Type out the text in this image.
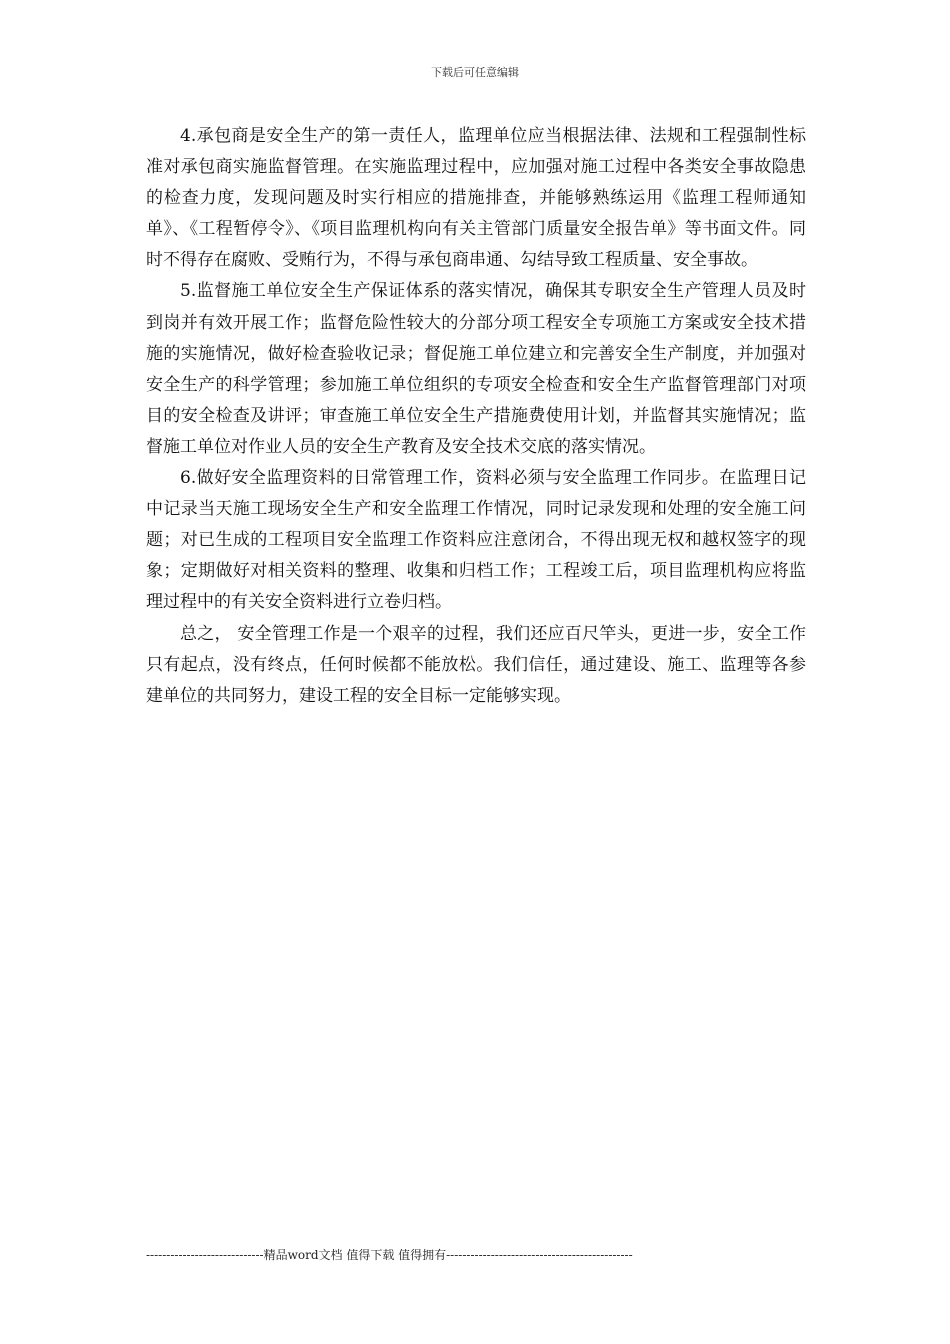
下载后可任意编辑

4.承包商是安全生产的第一责任人，监理单位应当根据法律、法规和工程强制性标准对承包商实施监督管理。在实施监理过程中，应加强对施工过程中各类安全事故隐患的检查力度，发现问题及时实行相应的措施排查，并能够熟练运用《监理工程师通知单》、《工程暂停令》、《项目监理机构向有关主管部门质量安全报告单》等书面文件。同时不得存在腐败、受贿行为，不得与承包商串通、勾结导致工程质量、安全事故。

5.监督施工单位安全生产保证体系的落实情况，确保其专职安全生产管理人员及时到岗并有效开展工作；监督危险性较大的分部分项工程安全专项施工方案或安全技术措施的实施情况，做好检查验收记录；督促施工单位建立和完善安全生产制度，并加强对安全生产的科学管理；参加施工单位组织的专项安全检查和安全生产监督管理部门对项目的安全检查及讲评；审查施工单位安全生产措施费使用计划，并监督其实施情况；监督施工单位对作业人员的安全生产教育及安全技术交底的落实情况。

6.做好安全监理资料的日常管理工作，资料必须与安全监理工作同步。在监理日记中记录当天施工现场安全生产和安全监理工作情况，同时记录发现和处理的安全施工问题；对已生成的工程项目安全监理工作资料应注意闭合，不得出现无权和越权签字的现象；定期做好对相关资料的整理、收集和归档工作；工程竣工后，项目监理机构应将监理过程中的有关安全资料进行立卷归档。

总之， 安全管理工作是一个艰辛的过程，我们还应百尺竿头，更进一步，安全工作只有起点，没有终点，任何时候都不能放松。我们信任，通过建设、施工、监理等各参建单位的共同努力，建设工程的安全目标一定能够实现。

-----------------------------精品word文档 值得下载 值得拥有----------------------------------------------
